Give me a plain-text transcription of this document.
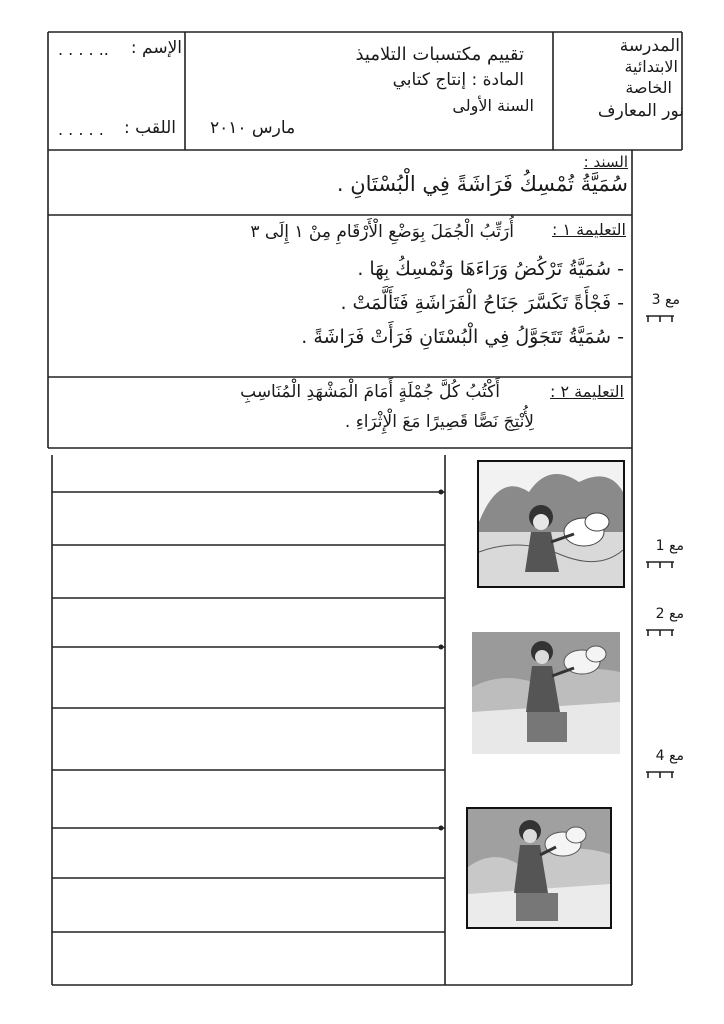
المدرسة
الابتدائية
الخاصة
نور المعارف
تقييم مكتسبات التلاميذ
المادة : إنتاج كتابي
السنة الأولى
مارس ٢٠١٠
الإسم :
. . . . ..
اللقب :
. . . . .
السند :
سُمَيَّةُ تُمْسِكُ فَرَاشَةً فِي الْبُسْتَانِ .
التعليمة ١ :
أُرَتِّبُ الْجُمَلَ بِوَضْعِ الْأَرْقَامِ مِنْ ١ إِلَى ٣
- سُمَيَّةُ تَرْكُضُ وَرَاءَهَا وَتُمْسِكُ بِهَا .
- فَجْأَةً تَكَسَّرَ جَنَاحُ الْفَرَاشَةِ فَتَأَلَّمَتْ .
- سُمَيَّةُ تَتَجَوَّلُ فِي الْبُسْتَانِ فَرَأَتْ فَرَاشَةً .
مع 3
التعليمة ٢ :
أَكْتُبُ كُلَّ جُمْلَةٍ أَمَامَ الْمَشْهَدِ الْمُنَاسِبِ
لِأُنْتِجَ نَصًّا قَصِيرًا مَعَ الْإِثْرَاءِ .
مع 1
مع 2
مع 4
